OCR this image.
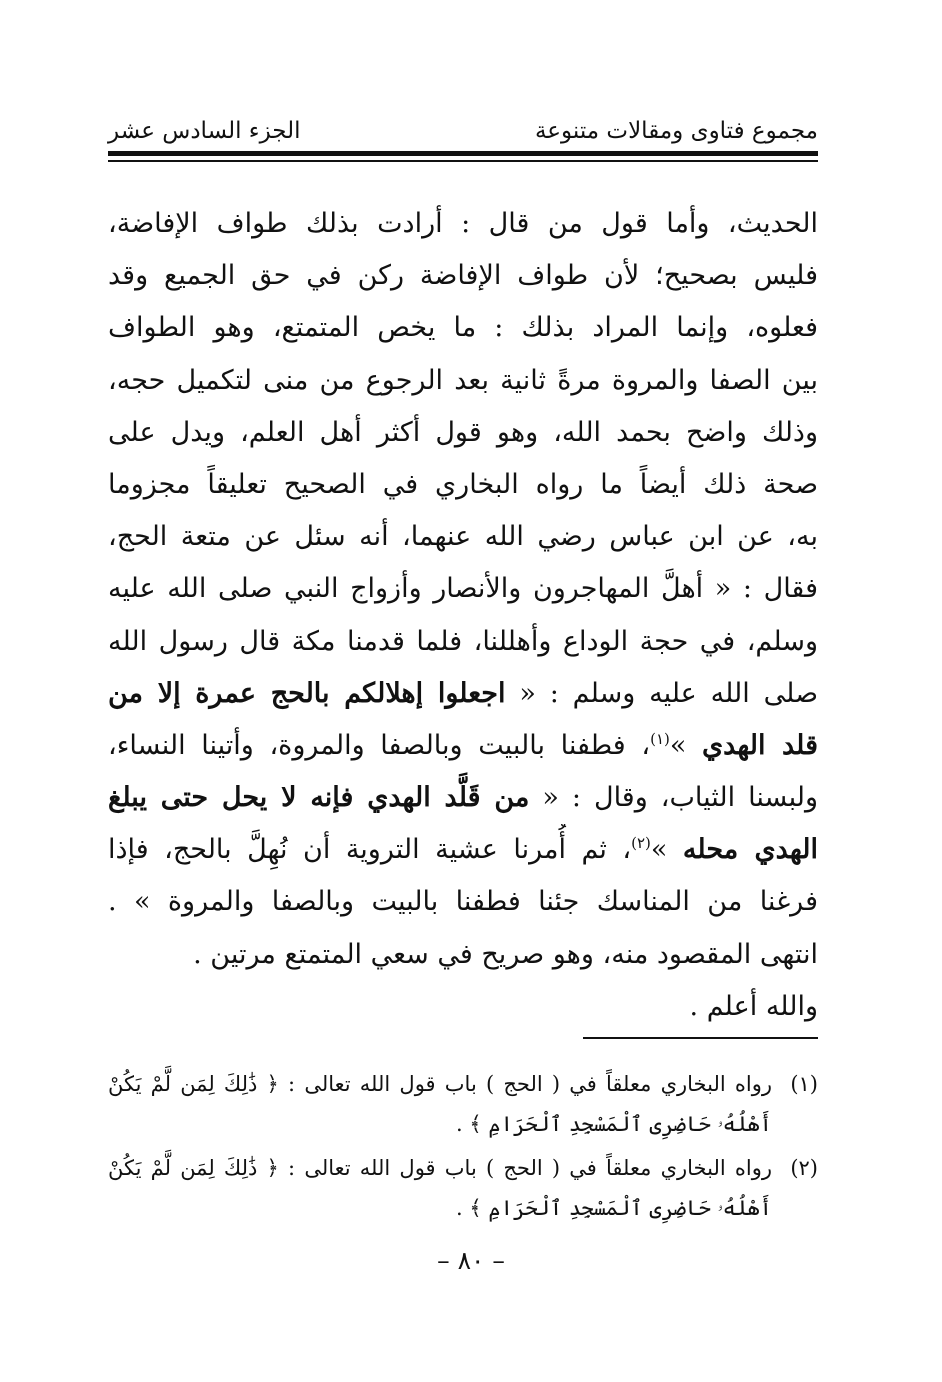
مجموع فتاوى ومقالات متنوعة
الجزء السادس عشر
الحديث، وأما قول من قال : أرادت بذلك طواف الإفاضة،
فليس بصحيح؛ لأن طواف الإفاضة ركن في حق الجميع وقد
فعلوه، وإنما المراد بذلك : ما يخص المتمتع، وهو الطواف
بين الصفا والمروة مرةً ثانية بعد الرجوع من منى لتكميل حجه،
وذلك واضح بحمد الله، وهو قول أكثر أهل العلم، ويدل على
صحة ذلك أيضاً ما رواه البخاري في الصحيح تعليقاً مجزوما
به، عن ابن عباس رضي الله عنهما، أنه سئل عن متعة الحج،
فقال : « أهلَّ المهاجرون والأنصار وأزواج النبي صلى الله عليه
وسلم، في حجة الوداع وأهللنا، فلما قدمنا مكة قال رسول الله
صلى الله عليه وسلم : « اجعلوا إهلالكم بالحج عمرة إلا من
قلد الهدي »$^{(١)}$، فطفنا بالبيت وبالصفا والمروة، وأتينا النساء،
ولبسنا الثياب، وقال : « من قَلَّد الهدي فإنه لا يحل حتى يبلغ
الهدي محله »$^{(٢)}$، ثم أُمرنا عشية التروية أن نُهِلَّ بالحج، فإذا
فرغنا من المناسك جئنا فطفنا بالبيت وبالصفا والمروة » .
انتهى المقصود منه، وهو صريح في سعي المتمتع مرتين .
والله أعلم .
(١)
رواه البخاري معلقاً في ( الحج ) باب قول الله تعالى : ﴿ ذَٰلِكَ لِمَن لَّمْ يَكُنْ
أَهْلُهُۥ حَاضِرِى ٱلْمَسْجِدِ ٱلْحَرَامِ ﴾ .
(٢)
رواه البخاري معلقاً في ( الحج ) باب قول الله تعالى : ﴿ ذَٰلِكَ لِمَن لَّمْ يَكُنْ
أَهْلُهُۥ حَاضِرِى ٱلْمَسْجِدِ ٱلْحَرَامِ ﴾ .
– ٨٠ –
